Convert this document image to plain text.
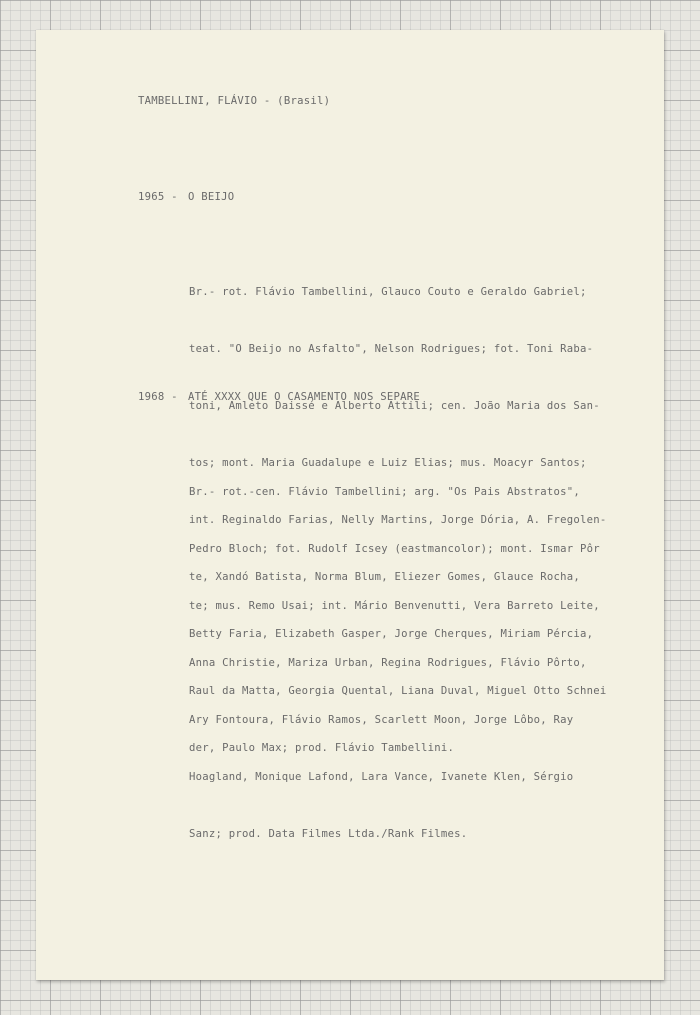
TAMBELLINI, FLÁVIO - (Brasil)

1965 - O BEIJO

Br.- rot. Flávio Tambellini, Glauco Couto e Geraldo Gabriel;

teat. "O Beijo no Asfalto", Nelson Rodrigues; fot. Toni Raba-

toni, Amleto Daissé e Alberto Attili; cen. João Maria dos San-

tos; mont. Maria Guadalupe e Luiz Elias; mus. Moacyr Santos;

int. Reginaldo Farias, Nelly Martins, Jorge Dória, A. Fregolen-

te, Xandó Batista, Norma Blum, Eliezer Gomes, Glauce Rocha,

Betty Faria, Elizabeth Gasper, Jorge Cherques, Miriam Pércia,

Raul da Matta, Georgia Quental, Liana Duval, Miguel Otto Schnei

der, Paulo Max; prod. Flávio Tambellini.

1968 - ATÉ XXXX QUE O CASAMENTO NOS SEPARE

Br.- rot.-cen. Flávio Tambellini; arg. "Os Pais Abstratos",

Pedro Bloch; fot. Rudolf Icsey (eastmancolor); mont. Ismar Pôr

te; mus. Remo Usai; int. Mário Benvenutti, Vera Barreto Leite,

Anna Christie, Mariza Urban, Regina Rodrigues, Flávio Pôrto,

Ary Fontoura, Flávio Ramos, Scarlett Moon, Jorge Lôbo, Ray

Hoagland, Monique Lafond, Lara Vance, Ivanete Klen, Sérgio

Sanz; prod. Data Filmes Ltda./Rank Filmes.
